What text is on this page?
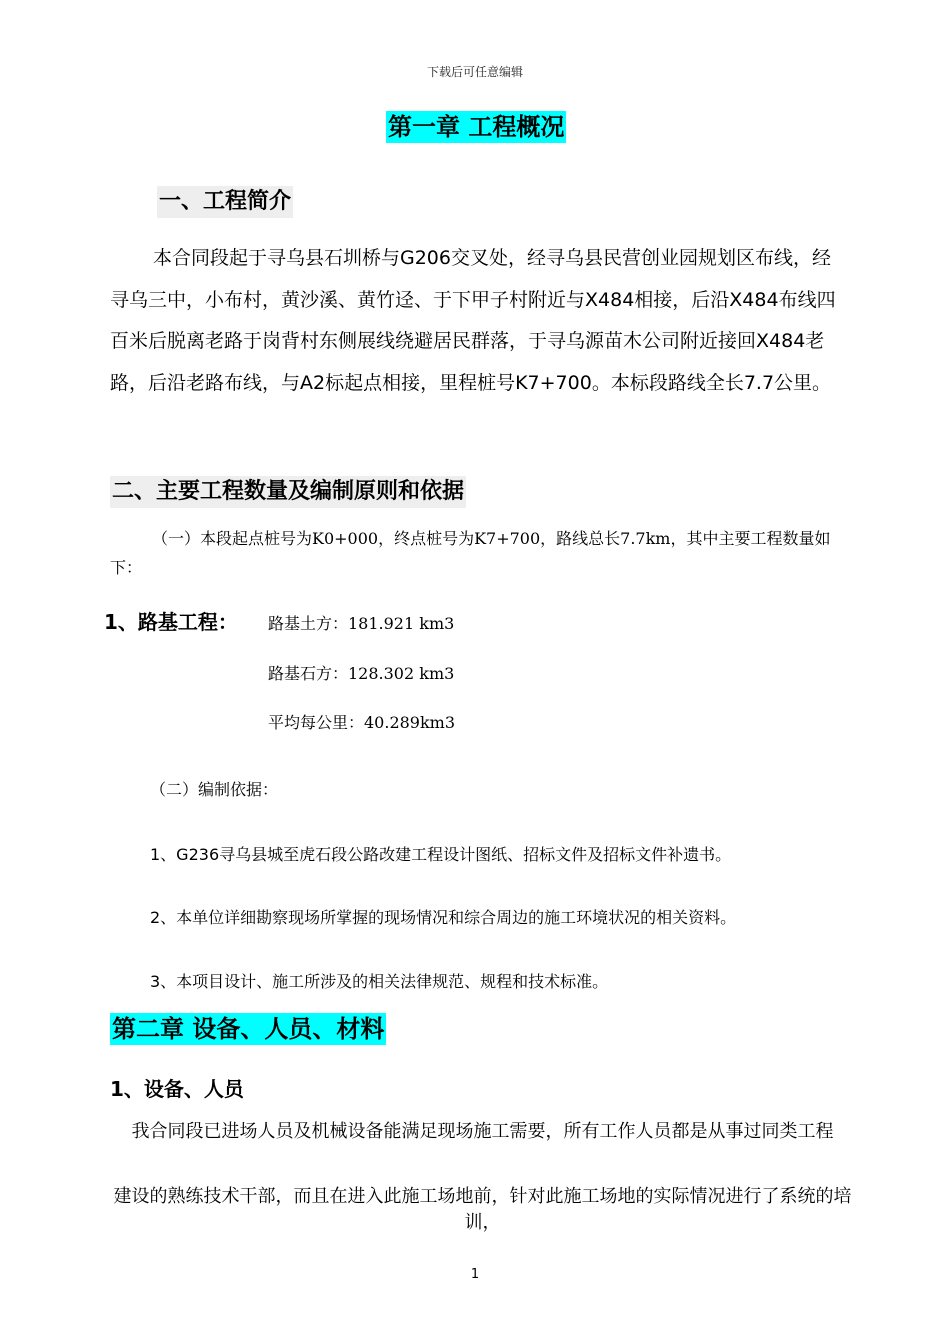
下载后可任意编辑
第一章 工程概况
一、工程简介
本合同段起于寻乌县石圳桥与G206交叉处，经寻乌县民营创业园规划区布线，经寻乌三中，小布村，黄沙溪、黄竹迳、于下甲子村附近与X484相接，后沿X484布线四百米后脱离老路于岗背村东侧展线绕避居民群落，于寻乌源苗木公司附近接回X484老路，后沿老路布线，与A2标起点相接，里程桩号K7+700。本标段路线全长7.7公里。
二、主要工程数量及编制原则和依据
（一）本段起点桩号为K0+000，终点桩号为K7+700，路线总长7.7km，其中主要工程数量如下：
1、路基工程： 路基土方：181.921 km3
路基石方：128.302 km3
平均每公里：40.289km3
（二）编制依据：
1、G236寻乌县城至虎石段公路改建工程设计图纸、招标文件及招标文件补遗书。
2、本单位详细勘察现场所掌握的现场情况和综合周边的施工环境状况的相关资料。
3、本项目设计、施工所涉及的相关法律规范、规程和技术标准。
第二章 设备、人员、材料
1、设备、人员
我合同段已进场人员及机械设备能满足现场施工需要，所有工作人员都是从事过同类工程
建设的熟练技术干部，而且在进入此施工场地前，针对此施工场地的实际情况进行了系统的培训，
1
